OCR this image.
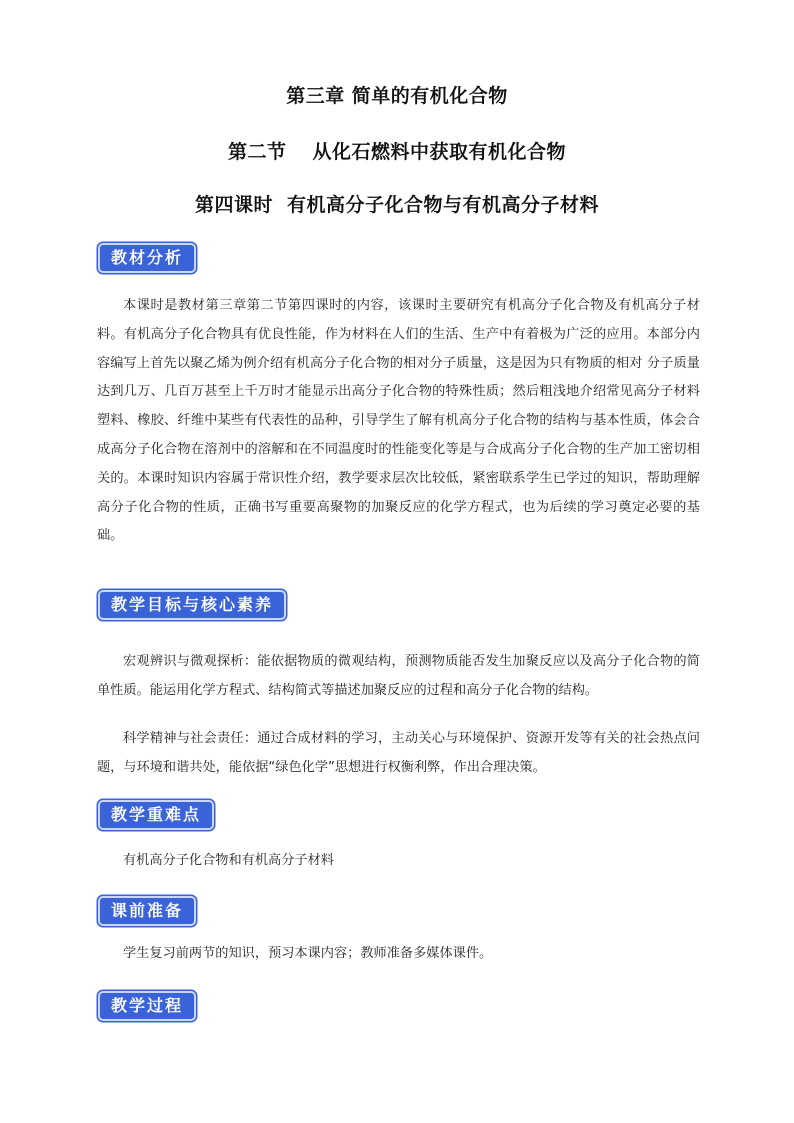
第三章 简单的有机化合物
第二节 从化石燃料中获取有机化合物
第四课时 有机高分子化合物与有机高分子材料
教材分析
本课时是教材第三章第二节第四课时的内容，该课时主要研究有机高分子化合物及有机高分子材料。有机高分子化合物具有优良性能，作为材料在人们的生活、生产中有着极为广泛的应用。本部分内容编写上首先以聚乙烯为例介绍有机高分子化合物的相对分子质量，这是因为只有物质的相对 分子质量达到几万、几百万甚至上千万时才能显示出高分子化合物的特殊性质；然后粗浅地介绍常见高分子材料塑料、橡胶、纤维中某些有代表性的品种，引导学生了解有机高分子化合物的结构与基本性质，体会合成高分子化合物在溶剂中的溶解和在不同温度时的性能变化等是与合成高分子化合物的生产加工密切相关的。本课时知识内容属于常识性介绍，教学要求层次比较低，紧密联系学生已学过的知识，帮助理解高分子化合物的性质，正确书写重要高聚物的加聚反应的化学方程式，也为后续的学习奠定必要的基础。
教学目标与核心素养
宏观辨识与微观探析：能依据物质的微观结构，预测物质能否发生加聚反应以及高分子化合物的简单性质。能运用化学方程式、结构简式等描述加聚反应的过程和高分子化合物的结构。
科学精神与社会责任：通过合成材料的学习，主动关心与环境保护、资源开发等有关的社会热点问题，与环境和谐共处，能依据“绿色化学”思想进行权衡利弊，作出合理决策。
教学重难点
有机高分子化合物和有机高分子材料
课前准备
学生复习前两节的知识，预习本课内容；教师准备多媒体课件。
教学过程
